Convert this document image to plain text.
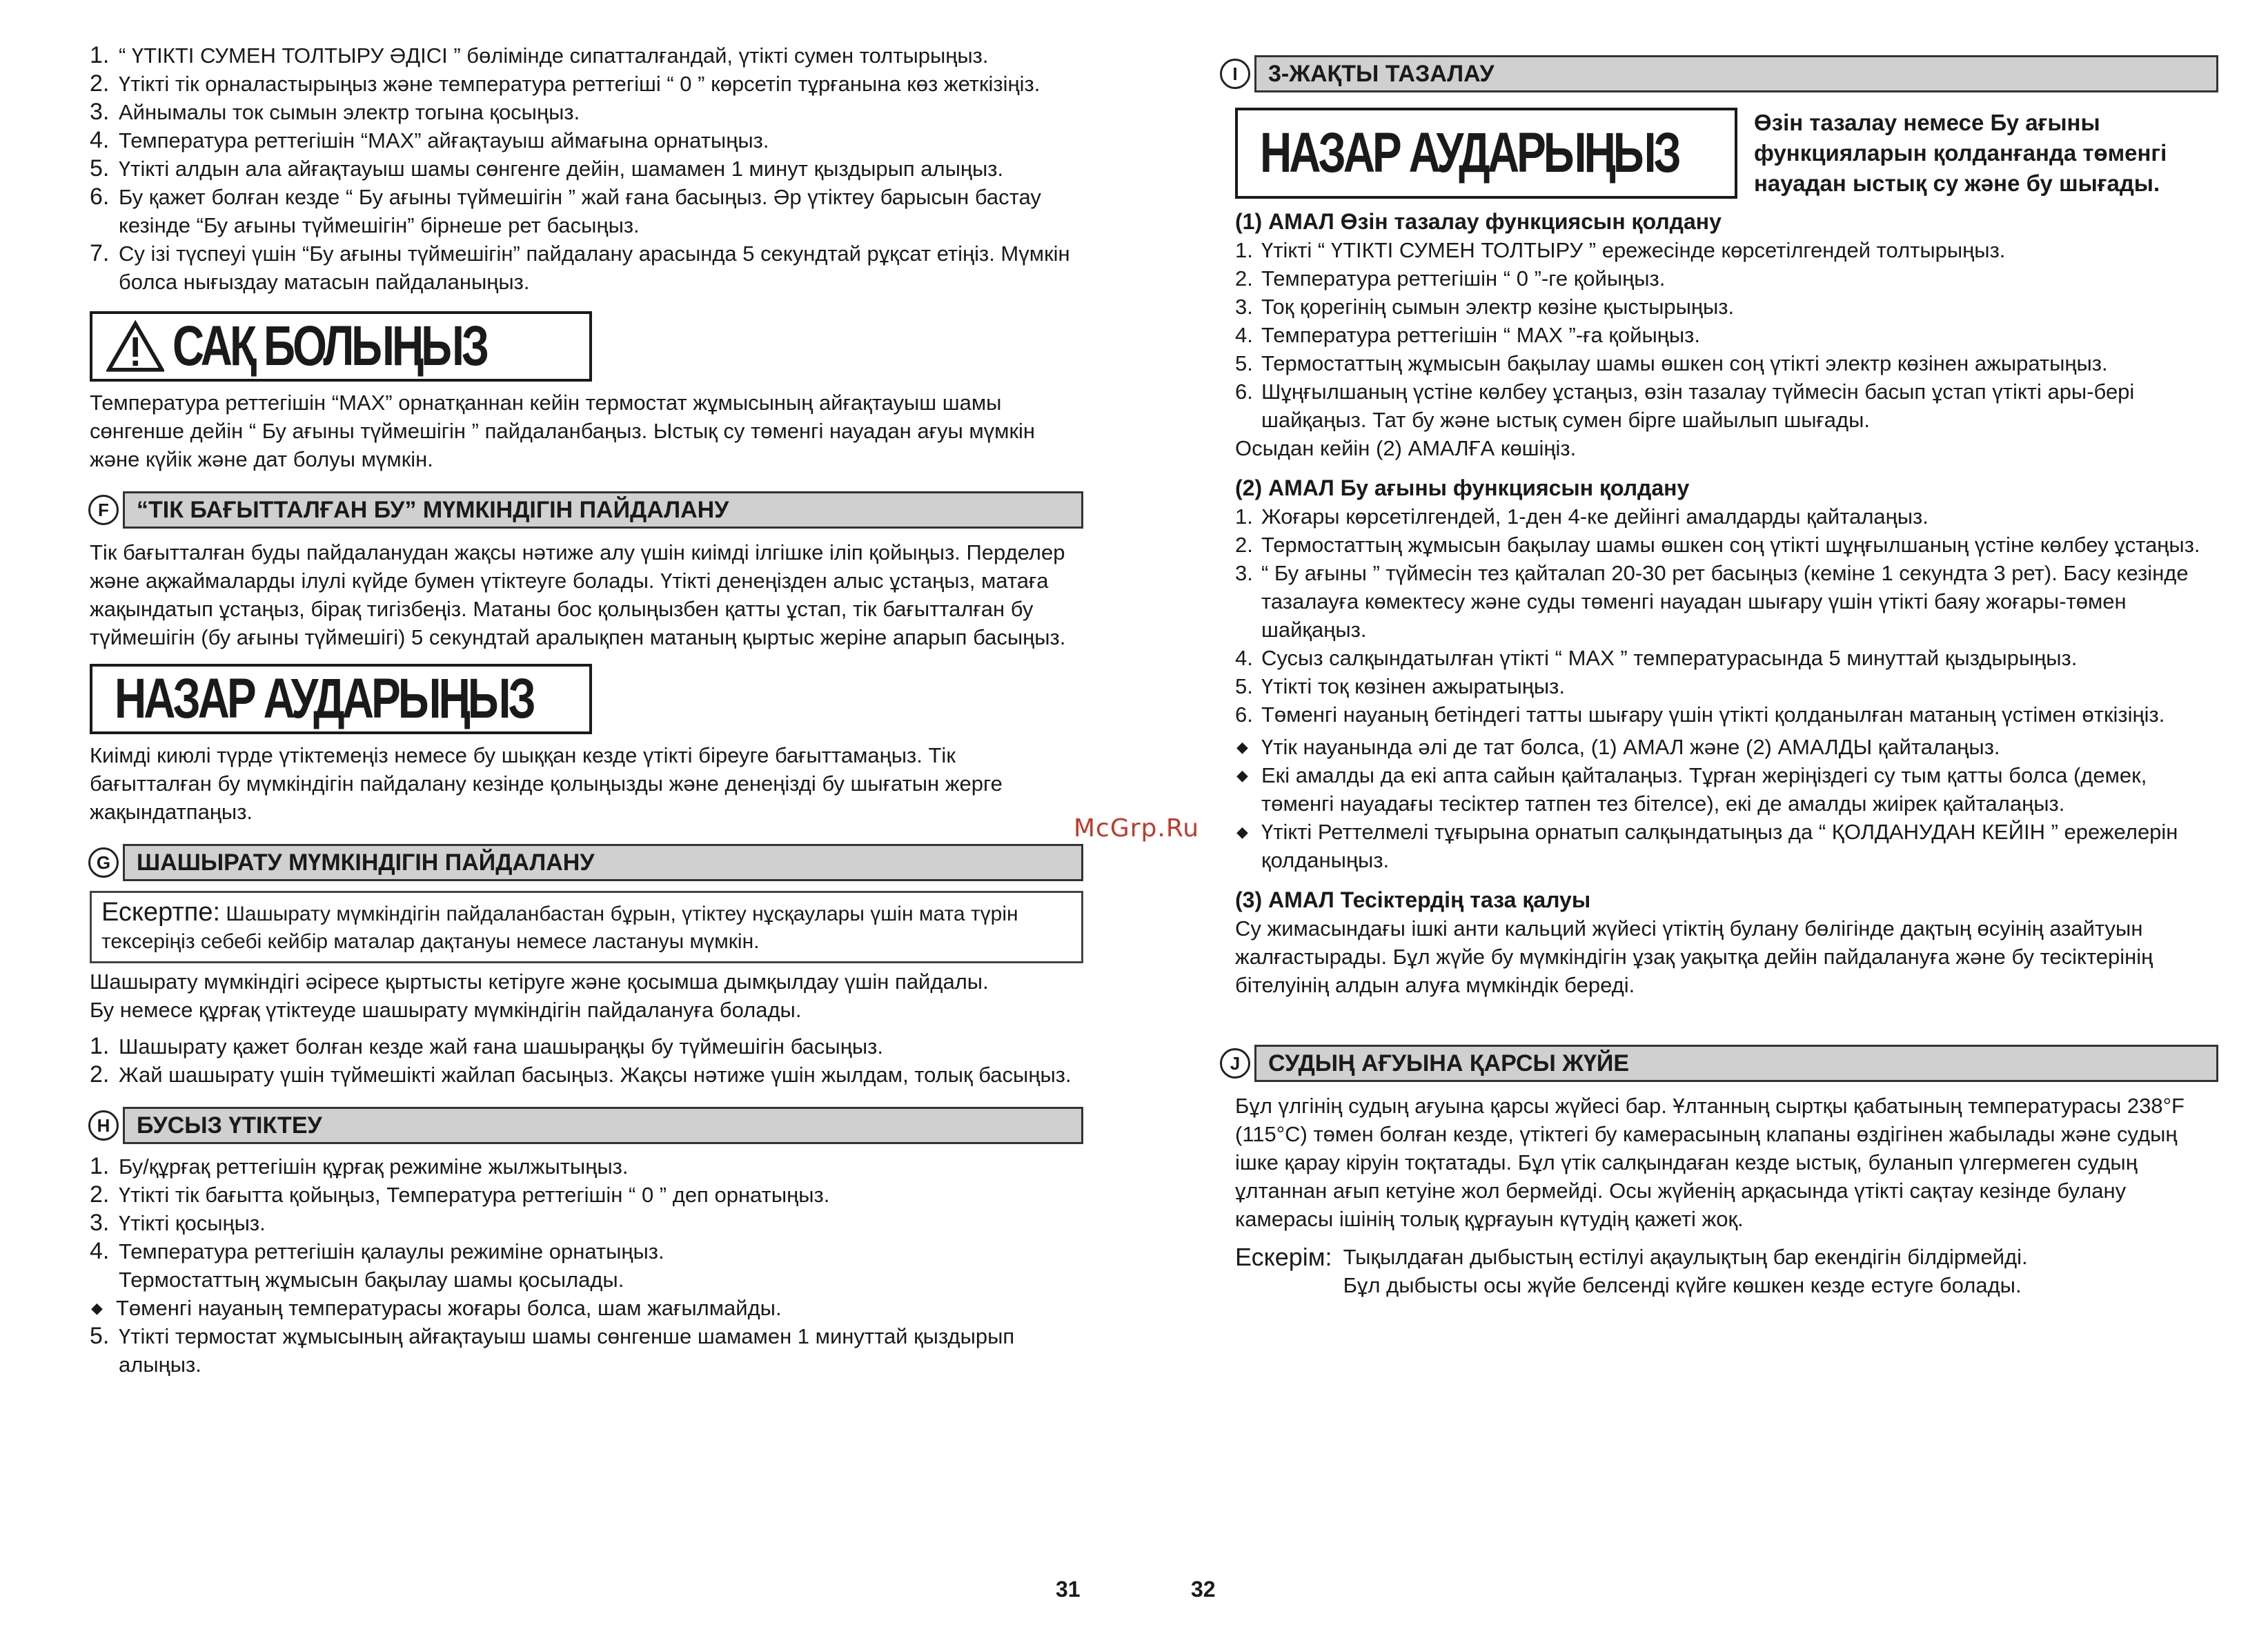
1. “ ҮТІКТІ СУМЕН ТОЛТЫРУ ӘДІСІ ” бөлімінде сипатталғандай, үтікті сумен толтырыңыз.
2. Үтікті тік орналастырыңыз және температура реттегіші “ 0 ” көрсетіп тұрғанына көз жеткізіңіз.
3. Айнымалы ток сымын электр тогына қосыңыз.
4. Температура реттегішін “MAX” айғақтауыш аймағына орнатыңыз.
5. Үтікті алдын ала айғақтауыш шамы сөнгенге дейін, шамамен 1 минут қыздырып алыңыз.
6. Бу қажет болған кезде “ Бу ағыны түймешігін ” жай ғана басыңыз. Әр үтіктеу барысын бастау кезінде “Бу ағыны түймешігін” бірнеше рет басыңыз.
7. Су ізі түспеуі үшін “Бу ағыны түймешігін” пайдалану арасында 5 секундтай рұқсат етіңіз. Мүмкін болса нығыздау матасын пайдаланыңыз.
САҚ БОЛЫҢЫЗ

Температура реттегішін “MAX” орнатқаннан кейін термостат жұмысының айғақтауыш шамы сөнгенше дейін “ Бу ағыны түймешігін ” пайдаланбаңыз. Ыстық су төменгі науадан ағуы мүмкін және күйік және дат болуы мүмкін.

F	“ТІК БАҒЫТТАЛҒАН БУ” МҮМКІНДІГІН ПАЙДАЛАНУ

Тік бағытталған буды пайдаланудан жақсы нәтиже алу үшін киімді ілгішке іліп қойыңыз. Перделер және ақжаймаларды ілулі күйде бумен үтіктеуге болады. Үтікті денеңізден алыс ұстаңыз, матаға жақындатып ұстаңыз, бірақ тигізбеңіз. Матаны бос қолыңызбен қатты ұстап, тік бағытталған бу түймешігін (бу ағыны түймешігі) 5 секундтай аралықпен матаның қыртыс жеріне апарып басыңыз.

НАЗАР АУДАРЫҢЫЗ

Киімді киюлі түрде үтіктемеңіз немесе бу шыққан кезде үтікті біреуге бағыттамаңыз. Тік бағытталған бу мүмкіндігін пайдалану кезінде қолыңызды және денеңізді бу шығатын жерге жақындатпаңыз.

G	ШАШЫРАТУ МҮМКІНДІГІН ПАЙДАЛАНУ
Ескертпе: Шашырату мүмкіндігін пайдаланбастан бұрын, үтіктеу нұсқаулары үшін мата түрін тексеріңіз себебі кейбір маталар дақтануы немесе ластануы мүмкін.

Шашырату мүмкіндігі әсіресе қыртысты кетіруге және қосымша дымқылдау үшін пайдалы.

Бу немесе құрғақ үтіктеуде шашырату мүмкіндігін пайдалануға болады.

1. Шашырату қажет болған кезде жай ғана шашыраңқы бу түймешігін басыңыз.
2. Жай шашырату үшін түймешікті жайлап басыңыз. Жақсы нәтиже үшін жылдам, толық басыңыз.
H	БУСЫЗ ҮТІКТЕУ
1. Бу/құрғақ реттегішін құрғақ режиміне жылжытыңыз.
2. Үтікті тік бағытта қойыңыз, Температура реттегішін “ 0 ” деп орнатыңыз.
3. Үтікті қосыңыз.
4. Температура реттегішін қалаулы режиміне орнатыңыз.

Термостаттың жұмысын бақылау шамы қосылады.

◆ Төменгі науаның температурасы жоғары болса, шам жағылмайды.
5. Үтікті термостат жұмысының айғақтауыш шамы сөнгенше шамамен 1 минуттай қыздырып алыңыз.
31
McGrp.Ru
I	3-ЖАҚТЫ ТАЗАЛАУ
НАЗАР АУДАРЫҢЫЗ	Өзін тазалау немесе Бу ағыны функцияларын қолданғанда төменгі науадан ыстық су және бу шығады.

(1) АМАЛ Өзін тазалау функциясын қолдану

1. Үтікті “ ҮТІКТІ СУМЕН ТОЛТЫРУ ” ережесінде көрсетілгендей толтырыңыз.
2. Температура реттегішін “ 0 ”-ге қойыңыз.
3. Тоқ қорегінің сымын электр көзіне қыстырыңыз.
4. Температура реттегішін “ MAX ”-ға қойыңыз.
5. Термостаттың жұмысын бақылау шамы өшкен соң үтікті электр көзінен ажыратыңыз.
6. Шұңғылшаның үстіне көлбеу ұстаңыз, өзін тазалау түймесін басып ұстап үтікті ары-бері шайқаңыз. Тат бу және ыстық сумен бірге шайылып шығады.

Осыдан кейін (2) АМАЛҒА көшіңіз.

(2) АМАЛ Бу ағыны функциясын қолдану

1. Жоғары көрсетілгендей, 1-ден 4-ке дейінгі амалдарды қайталаңыз.
2. Термостаттың жұмысын бақылау шамы өшкен соң үтікті шұңғылшаның үстіне көлбеу ұстаңыз.
3. “ Бу ағыны ” түймесін тез қайталап 20-30 рет басыңыз (кеміне 1 секундта 3 рет). Басу кезінде тазалауға көмектесу және суды төменгі науадан шығару үшін үтікті баяу жоғары-төмен шайқаңыз.
4. Сусыз салқындатылған үтікті “ MAX ” температурасында 5 минуттай қыздырыңыз.
5. Үтікті тоқ көзінен ажыратыңыз.
6. Төменгі науаның бетіндегі татты шығару үшін үтікті қолданылған матаның үстімен өткізіңіз.
◆ Үтік науанында әлі де тат болса, (1) АМАЛ және (2) АМАЛДЫ қайталаңыз.
◆ Екі амалды да екі апта сайын қайталаңыз. Тұрған жеріңіздегі су тым қатты болса (демек, төменгі науадағы тесіктер татпен тез бітелсе), екі де амалды жиірек қайталаңыз.
◆ Үтікті Реттелмелі тұғырына орнатып салқындатыңыз да “ ҚОЛДАНУДАН КЕЙІН ” ережелерін қолданыңыз.

(3) АМАЛ Тесіктердің таза қалуы

Су жимасындағы ішкі анти кальций жүйесі үтіктің булану бөлігінде дақтың өсуінің азайтуын жалғастырады. Бұл жүйе бу мүмкіндігін ұзақ уақытқа дейін пайдалануға және бу тесіктерінің бітелуінің алдын алуға мүмкіндік береді.

J	СУДЫҢ АҒУЫНА ҚАРСЫ ЖҮЙЕ

Бұл үлгінің судың ағуына қарсы жүйесі бар. Ұлтанның сыртқы қабатының температурасы 238°F (115°C) төмен болған кезде, үтіктегі бу камерасының клапаны өздігінен жабылады және судың ішке қарау кіруін тоқтатады. Бұл үтік салқындаған кезде ыстық, буланып үлгермеген судың ұлтаннан ағып кетуіне жол бермейді. Осы жүйенің арқасында үтікті сақтау кезінде булану камерасы ішінің толық құрғауын күтудің қажеті жоқ.

Ескерім: Тықылдаған дыбыстың естілуі ақаулықтың бар екендігін білдірмейді.

Бұл дыбысты осы жүйе белсенді күйге көшкен кезде естуге болады.

32
